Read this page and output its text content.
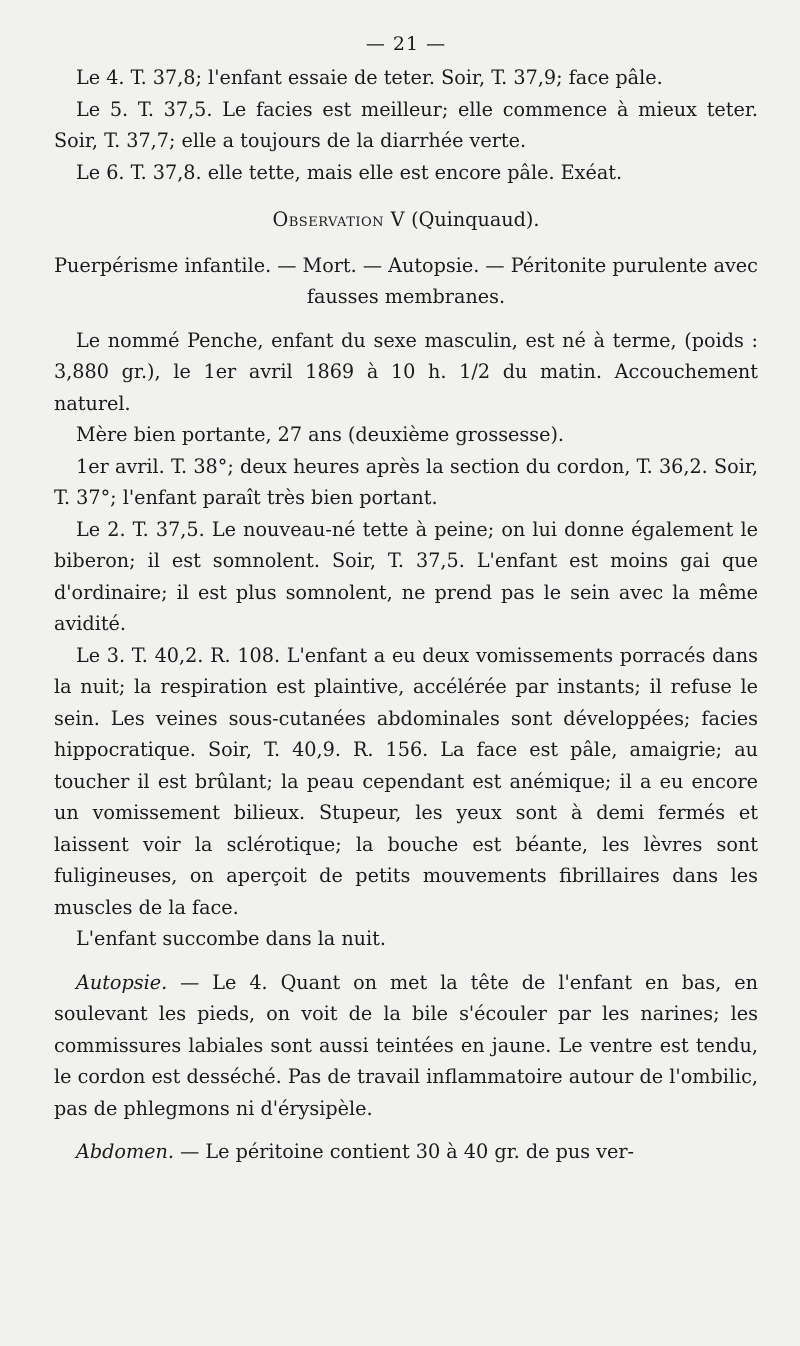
— 21 —

Le 4. T. 37,8; l'enfant essaie de teter. Soir, T. 37,9; face pâle.

Le 5. T. 37,5. Le facies est meilleur; elle commence à mieux teter. Soir, T. 37,7; elle a toujours de la diarrhée verte.

Le 6. T. 37,8. elle tette, mais elle est encore pâle. Exéat.

Observation V (Quinquaud).

Puerpérisme infantile. — Mort. — Autopsie. — Péritonite purulente avec fausses membranes.

Le nommé Penche, enfant du sexe masculin, est né à terme, (poids : 3,880 gr.), le 1er avril 1869 à 10 h. 1/2 du matin. Accouchement naturel.

Mère bien portante, 27 ans (deuxième grossesse).

1er avril. T. 38°; deux heures après la section du cordon, T. 36,2. Soir, T. 37°; l'enfant paraît très bien portant.

Le 2. T. 37,5. Le nouveau-né tette à peine; on lui donne également le biberon; il est somnolent. Soir, T. 37,5. L'enfant est moins gai que d'ordinaire; il est plus somnolent, ne prend pas le sein avec la même avidité.

Le 3. T. 40,2. R. 108. L'enfant a eu deux vomissements porracés dans la nuit; la respiration est plaintive, accélérée par instants; il refuse le sein. Les veines sous-cutanées abdominales sont développées; facies hippocratique. Soir, T. 40,9. R. 156. La face est pâle, amaigrie; au toucher il est brûlant; la peau cependant est anémique; il a eu encore un vomissement bilieux. Stupeur, les yeux sont à demi fermés et laissent voir la sclérotique; la bouche est béante, les lèvres sont fuligineuses, on aperçoit de petits mouvements fibrillaires dans les muscles de la face.

L'enfant succombe dans la nuit.

Autopsie. — Le 4. Quant on met la tête de l'enfant en bas, en soulevant les pieds, on voit de la bile s'écouler par les narines; les commissures labiales sont aussi teintées en jaune. Le ventre est tendu, le cordon est desséché. Pas de travail inflammatoire autour de l'ombilic, pas de phlegmons ni d'érysipèle.

Abdomen. — Le péritoine contient 30 à 40 gr. de pus ver-
